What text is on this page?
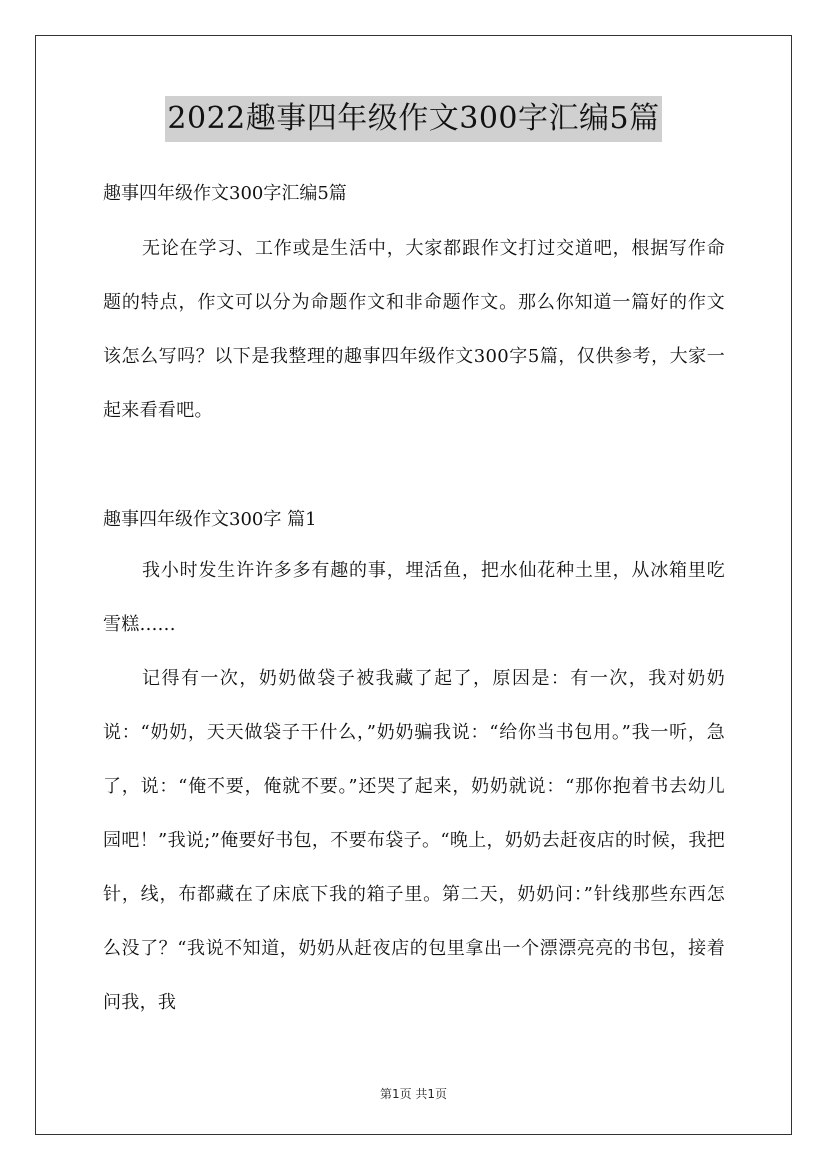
2022趣事四年级作文300字汇编5篇
趣事四年级作文300字汇编5篇

无论在学习、工作或是生活中，大家都跟作文打过交道吧，根据写作命题的特点，作文可以分为命题作文和非命题作文。那么你知道一篇好的作文该怎么写吗？以下是我整理的趣事四年级作文300字5篇，仅供参考，大家一起来看看吧。

趣事四年级作文300字 篇1

我小时发生许许多多有趣的事，埋活鱼，把水仙花种土里，从冰箱里吃雪糕......

记得有一次，奶奶做袋子被我藏了起了，原因是：有一次，我对奶奶说：“奶奶，天天做袋子干什么，”奶奶骗我说：“给你当书包用。”我一听，急了，说：“俺不要，俺就不要。”还哭了起来，奶奶就说：“那你抱着书去幼儿园吧！”我说;”俺要好书包，不要布袋子。“晚上，奶奶去赶夜店的时候，我把针，线，布都藏在了床底下我的箱子里。第二天，奶奶问：”针线那些东西怎么没了？“我说不知道，奶奶从赶夜店的包里拿出一个漂漂亮亮的书包，接着问我，我

第1页 共1页
